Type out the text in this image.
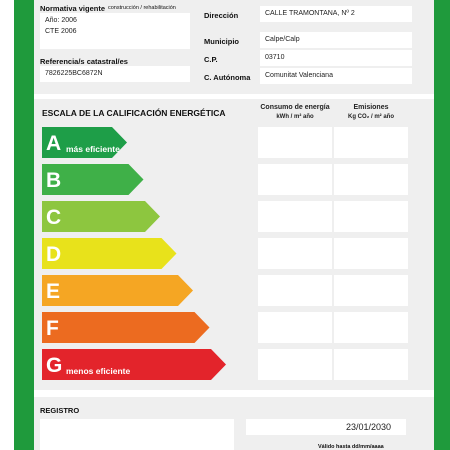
Normativa vigente construcción / rehabilitación
Año: 2006
CTE 2006
Referencia/s catastral/es
7826225BC6872N
Dirección	CALLE TRAMONTANA, Nº 2
Municipio	Calpe/Calp
C.P.	03710
C. Autónoma Comunitat Valenciana
ESCALA DE LA CALIFICACIÓN ENERGÉTICA
Consumo de energía
kWh / m² año
Emisiones
Kg CO₂ / m² año
A más eficiente
B
C
D
E
F
G menos eficiente
109
19
REGISTRO
23/01/2030
Válido hasta dd/mm/aaaa
